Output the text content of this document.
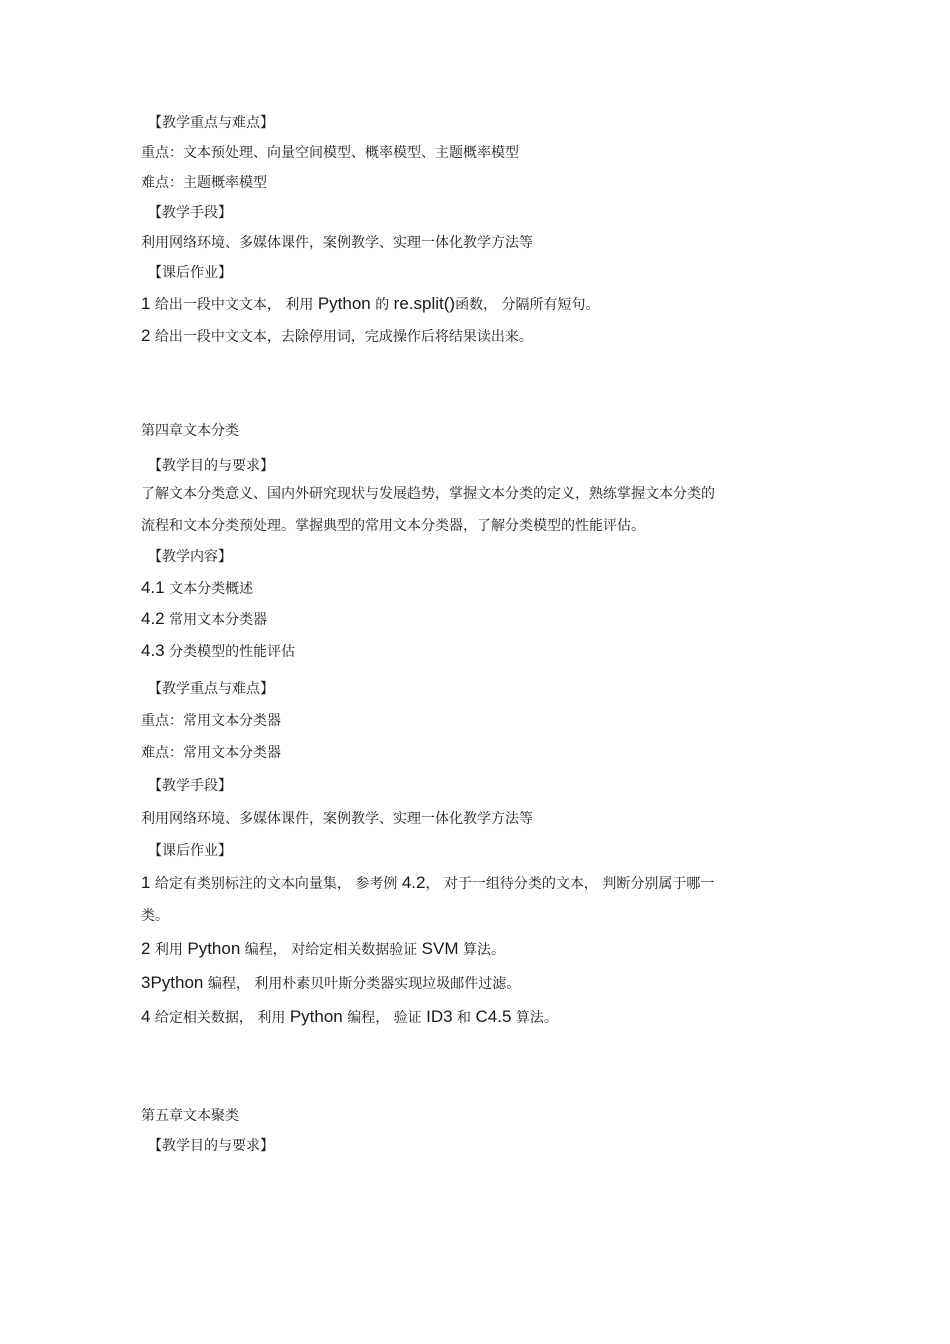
【教学重点与难点】
重点：文本预处理、向量空间模型、概率模型、主题概率模型
难点：主题概率模型
【教学手段】
利用网络环境、多媒体课件，案例教学、实理一体化教学方法等
【课后作业】
1 给出一段中文文本， 利用 Python 的 re.split()函数， 分隔所有短句。
2 给出一段中文文本，去除停用词，完成操作后将结果读出来。
第四章文本分类
【教学目的与要求】
了解文本分类意义、国内外研究现状与发展趋势，掌握文本分类的定义，熟练掌握文本分类的
流程和文本分类预处理。掌握典型的常用文本分类器，了解分类模型的性能评估。
【教学内容】
4.1 文本分类概述
4.2 常用文本分类器
4.3 分类模型的性能评估
【教学重点与难点】
重点：常用文本分类器
难点：常用文本分类器
【教学手段】
利用网络环境、多媒体课件，案例教学、实理一体化教学方法等
【课后作业】
1 给定有类别标注的文本向量集， 参考例 4.2， 对于一组待分类的文本， 判断分别属于哪一
类。
2 利用 Python 编程， 对给定相关数据验证 SVM 算法。
3Python 编程， 利用朴素贝叶斯分类器实现垃圾邮件过滤。
4 给定相关数据， 利用 Python 编程， 验证 ID3 和 C4.5 算法。
第五章文本聚类
【教学目的与要求】
